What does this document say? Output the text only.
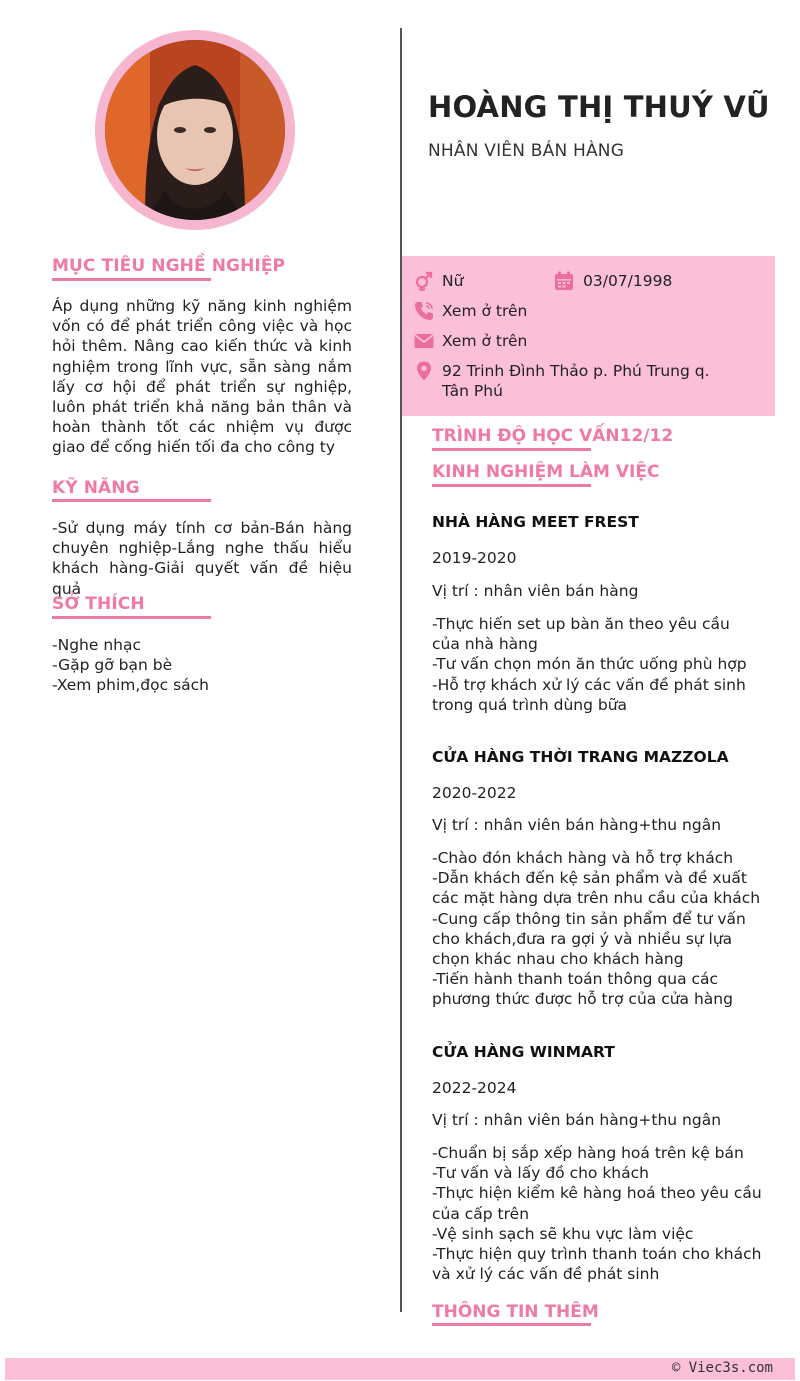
MỤC TIÊU NGHỀ NGHIỆP

Áp dụng những kỹ năng kinh nghiệm vốn có để phát triển công việc và học hỏi thêm. Nâng cao kiến thức và kinh nghiệm trong lĩnh vực, sẵn sàng nắm lấy cơ hội để phát triển sự nghiệp, luôn phát triển khả năng bản thân và hoàn thành tốt các nhiệm vụ được giao để cống hiến tối đa cho công ty

KỸ NĂNG

-Sử dụng máy tính cơ bản-Bán hàng chuyên nghiệp-Lắng nghe thấu hiểu khách hàng-Giải quyết vấn đề hiệu quả

SỞ THÍCH
-Nghe nhạc
-Gặp gỡ bạn bè
-Xem phim,đọc sách
HOÀNG THỊ THUÝ VŨ
NHÂN VIÊN BÁN HÀNG
Nữ	03/07/1998
Xem ở trên
Xem ở trên
92 Trinh Đình Thảo p. Phú Trung q. Tân Phú
TRÌNH ĐỘ HỌC VẤN12/12
KINH NGHIỆM LÀM VIỆC
NHÀ HÀNG MEET FREST
2019-2020
Vị trí : nhân viên bán hàng
-Thực hiến set up bàn ăn theo yêu cầu của nhà hàng
-Tư vấn chọn món ăn thức uống phù hợp
-Hỗ trợ khách xử lý các vấn đề phát sinh trong quá trình dùng bữa
CỬA HÀNG THỜI TRANG MAZZOLA
2020-2022
Vị trí : nhân viên bán hàng+thu ngân
-Chào đón khách hàng và hỗ trợ khách
-Dẫn khách đến kệ sản phẩm và đề xuất các mặt hàng dựa trên nhu cầu của khách
-Cung cấp thông tin sản phẩm để tư vấn cho khách,đưa ra gợi ý và nhiều sự lựa chọn khác nhau cho khách hàng
-Tiến hành thanh toán thông qua các phương thức được hỗ trợ của cửa hàng
CỬA HÀNG WINMART
2022-2024
Vị trí : nhân viên bán hàng+thu ngân
-Chuẩn bị sắp xếp hàng hoá trên kệ bán
-Tư vấn và lấy đồ cho khách
-Thực hiện kiểm kê hàng hoá theo yêu cầu của cấp trên
-Vệ sinh sạch sẽ khu vực làm việc
-Thực hiện quy trình thanh toán cho khách và xử lý các vấn đề phát sinh
THÔNG TIN THÊM
© Viec3s.com
